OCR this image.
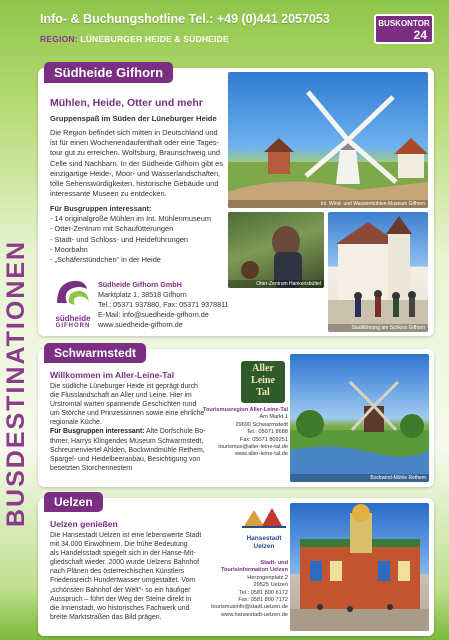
Info- & Buchungshotline Tel.: +49 (0)441 2057053
REGION: LÜNEBURGER HEIDE & SÜDHEIDE
BUSKONTOR
24
BUSDESTINATIONEN
Südheide Gifhorn
Mühlen, Heide, Otter und mehr
Gruppenspaß im Süden der Lüneburger Heide
Die Region befindet sich mitten in Deutschland und
ist für einen Wochenendaufenthalt oder eine Tages-
tour gut zu erreichen. Wolfsburg, Braunschweig und
Celle sind Nachbarn. In der Südheide Gifhorn gibt es
einzigartige Heide-, Moor- und Wasserlandschaften,
tolle Sehenswürdigkeiten, historische Gebäude und
interessante Museen zu entdecken.
Für Busgruppen interessant:
- 14 originalgroße Mühlen im Int. Mühlenmuseum
- Otter-Zentrum mit Schaufütterungen
- Stadt- und Schloss- und Heideführungen
- Moorbahn
- „Schäferstündchen“ in der Heide
südheide
GIFHORN
Südheide Gifhorn GmbH
Marktplatz 1, 38518 Gifhorn
Tel.: 05371 937880, Fax: 05371 9378811
E-Mail: info@suedheide-gifhorn.de
www.suedheide-gifhorn.de
Int. Wind- und Wassermühlen-Museum Gifhorn
Otter-Zentrum Hankensbüttel
Stadtführung am Schloss Gifhorn
Schwarmstedt
Willkommen im Aller-Leine-Tal
Die südliche Lüneburger Heide ist geprägt durch
die Flusslandschaft an Aller und Leine. Hier im
Urstromtal warten spannende Geschichten rund
um Störche und Prinzessinnen sowie eine ehrliche
regionale Küche.
Für Busgruppen interessant: Alte Dorfschule Bo-
thmer, Harrys Klingendes Museum Schwarmstedt,
Schreunenviertel Ahlden, Bockwindmühle Rethem,
Spargel- und Heidelbeeranbau, Besichtigung von
besetzten Storchennestern
Aller
Leine
Tal
Tourismusregion Aller-Leine-Tal
Am Markt 1
29690 Schwarmstedt
Tel.: 05071 8688
Fax: 05071 809251
tourismus@aller-leine-tal.de
www.aller-leine-tal.de
Bockwind-Mühle Rethem
Uelzen
Uelzen genießen
Die Hansestadt Uelzen ist eine lebenswerte Stadt
mit 34.000 Einwohnern. Die frühe Bedeutung
als Handelsstadt spiegelt sich in der Hanse-Mit-
gliedschaft wieder. 2000 wurde Uelzens Bahnhof
nach Plänen des österreichischen Künstlers
Friedensreich Hundertwasser umgestaltet. Vom
„schönsten Bahnhof der Welt“- so ein häufiger
Ausspruch – führt der Weg der Steine direkt in
die Innenstadt, wo historisches Fachwerk und
breite Marktstraßen das Bild prägen.
Hansestadt
Uelzen
Stadt- und
Tourisinformation Uelzen
Herzogenplatz 2
29525 Uelzen
Tel.: 0581 800 6172
Fax: 0581 800 7172
tourismusinfo@stadt.uelzen.de
www.hansestadt-uelzen.de
